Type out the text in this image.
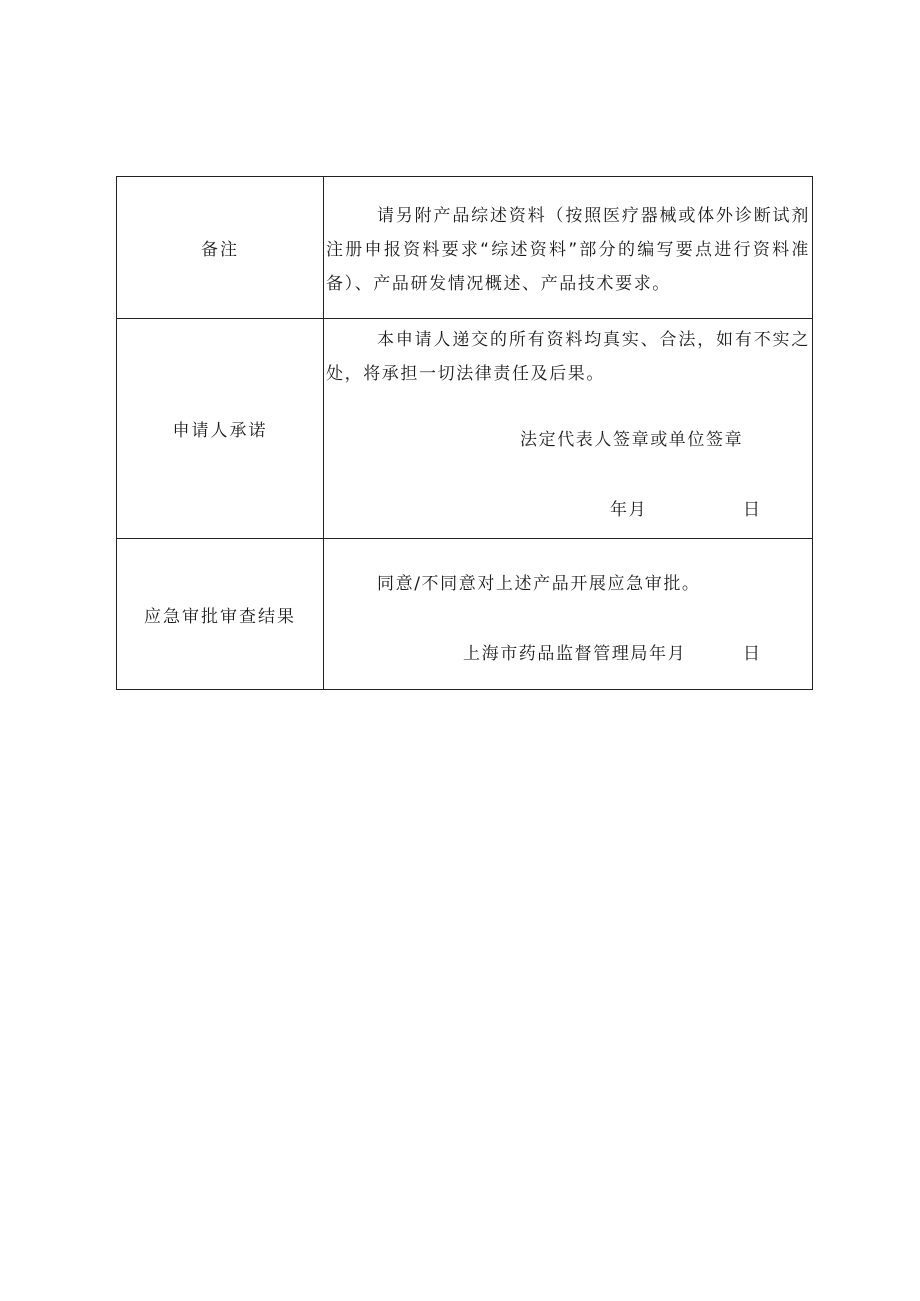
备注	请另附产品综述资料（按照医疗器械或体外诊断试剂注册申报资料要求“综述资料”部分的编写要点进行资料准备）、产品研发情况概述、产品技术要求。

申请人承诺	本申请人递交的所有资料均真实、合法，如有不实之处，将承担一切法律责任及后果。

法定代表人签章或单位签章
年月 日

应急审批审查结果	同意/不同意对上述产品开展应急审批。

上海市药品监督管理局年月 日
